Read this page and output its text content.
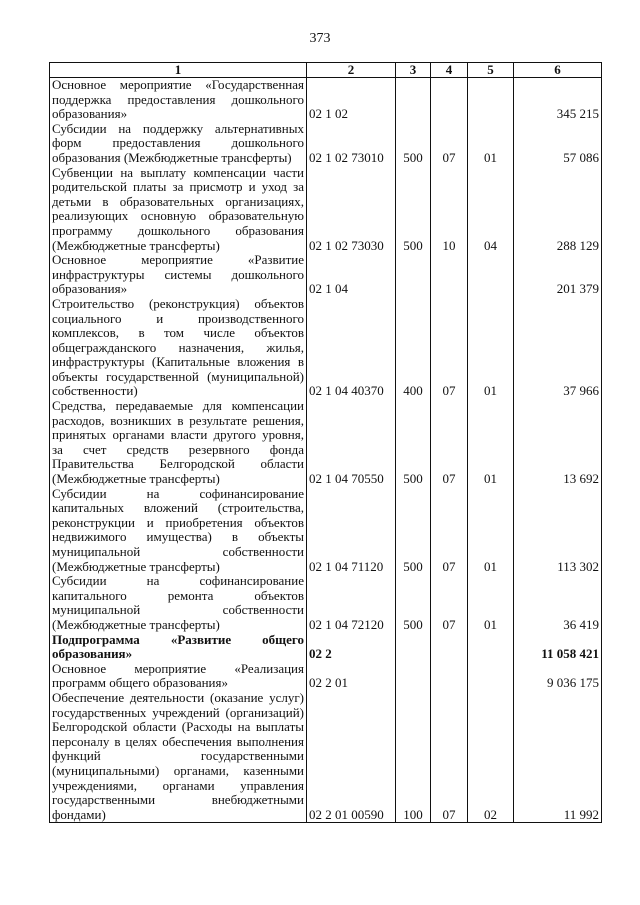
373
1	2	3	4	5	6
Основное мероприятие «Государственная поддержка предоставления дошкольного образования»	02 1 02				345 215
Субсидии на поддержку альтернативных форм предоставления дошкольного образования (Межбюджетные трансферты)	02 1 02 73010	500	07	01	57 086
Субвенции на выплату компенсации части родительской платы за присмотр и уход за детьми в образовательных организациях, реализующих основную образовательную программу дошкольного образования (Межбюджетные трансферты)	02 1 02 73030	500	10	04	288 129
Основное мероприятие «Развитие инфраструктуры системы дошкольного образования»	02 1 04				201 379
Строительство (реконструкция) объектов социального и производственного комплексов, в том числе объектов общегражданского назначения, жилья, инфраструктуры (Капитальные вложения в объекты государственной (муниципальной) собственности)	02 1 04 40370	400	07	01	37 966
Средства, передаваемые для компенсации расходов, возникших в результате решения, принятых органами власти другого уровня, за счет средств резервного фонда Правительства Белгородской области (Межбюджетные трансферты)	02 1 04 70550	500	07	01	13 692
Субсидии на софинансирование капитальных вложений (строительства, реконструкции и приобретения объектов недвижимого имущества) в объекты муниципальной собственности (Межбюджетные трансферты)	02 1 04 71120	500	07	01	113 302
Субсидии на софинансирование капитального ремонта объектов муниципальной собственности (Межбюджетные трансферты)	02 1 04 72120	500	07	01	36 419
Подпрограмма «Развитие общего образования»	02 2				11 058 421
Основное мероприятие «Реализация программ общего образования»	02 2 01				9 036 175
Обеспечение деятельности (оказание услуг) государственных учреждений (организаций) Белгородской области (Расходы на выплаты персоналу в целях обеспечения выполнения функций государственными (муниципальными) органами, казенными учреждениями, органами управления государственными внебюджетными фондами)	02 2 01 00590	100	07	02	11 992
